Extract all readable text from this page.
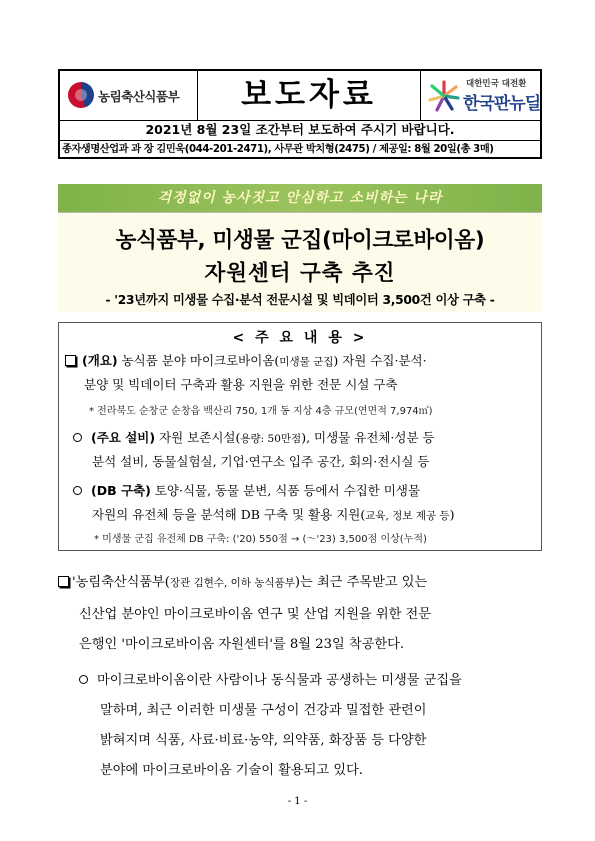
농림축산식품부	보도자료	대한민국 대전환
한국판뉴딜
2021년 8월 23일 조간부터 보도하여 주시기 바랍니다.
종자생명산업과 과 장 김민욱(044-201-2471), 사무관 박치형(2475) / 제공일: 8월 20일(총 3매)
걱정없이 농사짓고 안심하고 소비하는 나라
농식품부, 미생물 군집(마이크로바이옴)
자원센터 구축 추진
- '23년까지 미생물 수집·분석 전문시설 및 빅데이터 3,500건 이상 구축 -
< 주 요 내 용 >
(개요) 농식품 분야 마이크로바이옴(미생물 군집) 자원 수집·분석·
분양 및 빅데이터 구축과 활용 지원을 위한 전문 시설 구축
* 전라북도 순창군 순창읍 백산리 750, 1개 동 지상 4층 규모(연면적 7,974㎡)
(주요 설비) 자원 보존시설(용량: 50만점), 미생물 유전체·성분 등
분석 설비, 동물실험실, 기업·연구소 입주 공간, 회의·전시실 등
(DB 구축) 토양·식물, 동물 분변, 식품 등에서 수집한 미생물
자원의 유전체 등을 분석해 DB 구축 및 활용 지원(교육, 정보 제공 등)
* 미생물 군집 유전체 DB 구축: ('20) 550점 → (～'23) 3,500점 이상(누적)
'농림축산식품부(장관 김현수, 이하 농식품부)는 최근 주목받고 있는
신산업 분야인 마이크로바이옴 연구 및 산업 지원을 위한 전문
은행인 '마이크로바이옴 자원센터'를 8월 23일 착공한다.
마이크로바이옴이란 사람이나 동식물과 공생하는 미생물 군집을
말하며, 최근 이러한 미생물 구성이 건강과 밀접한 관련이
밝혀지며 식품, 사료·비료·농약, 의약품, 화장품 등 다양한
분야에 마이크로바이옴 기술이 활용되고 있다.
- 1 -
